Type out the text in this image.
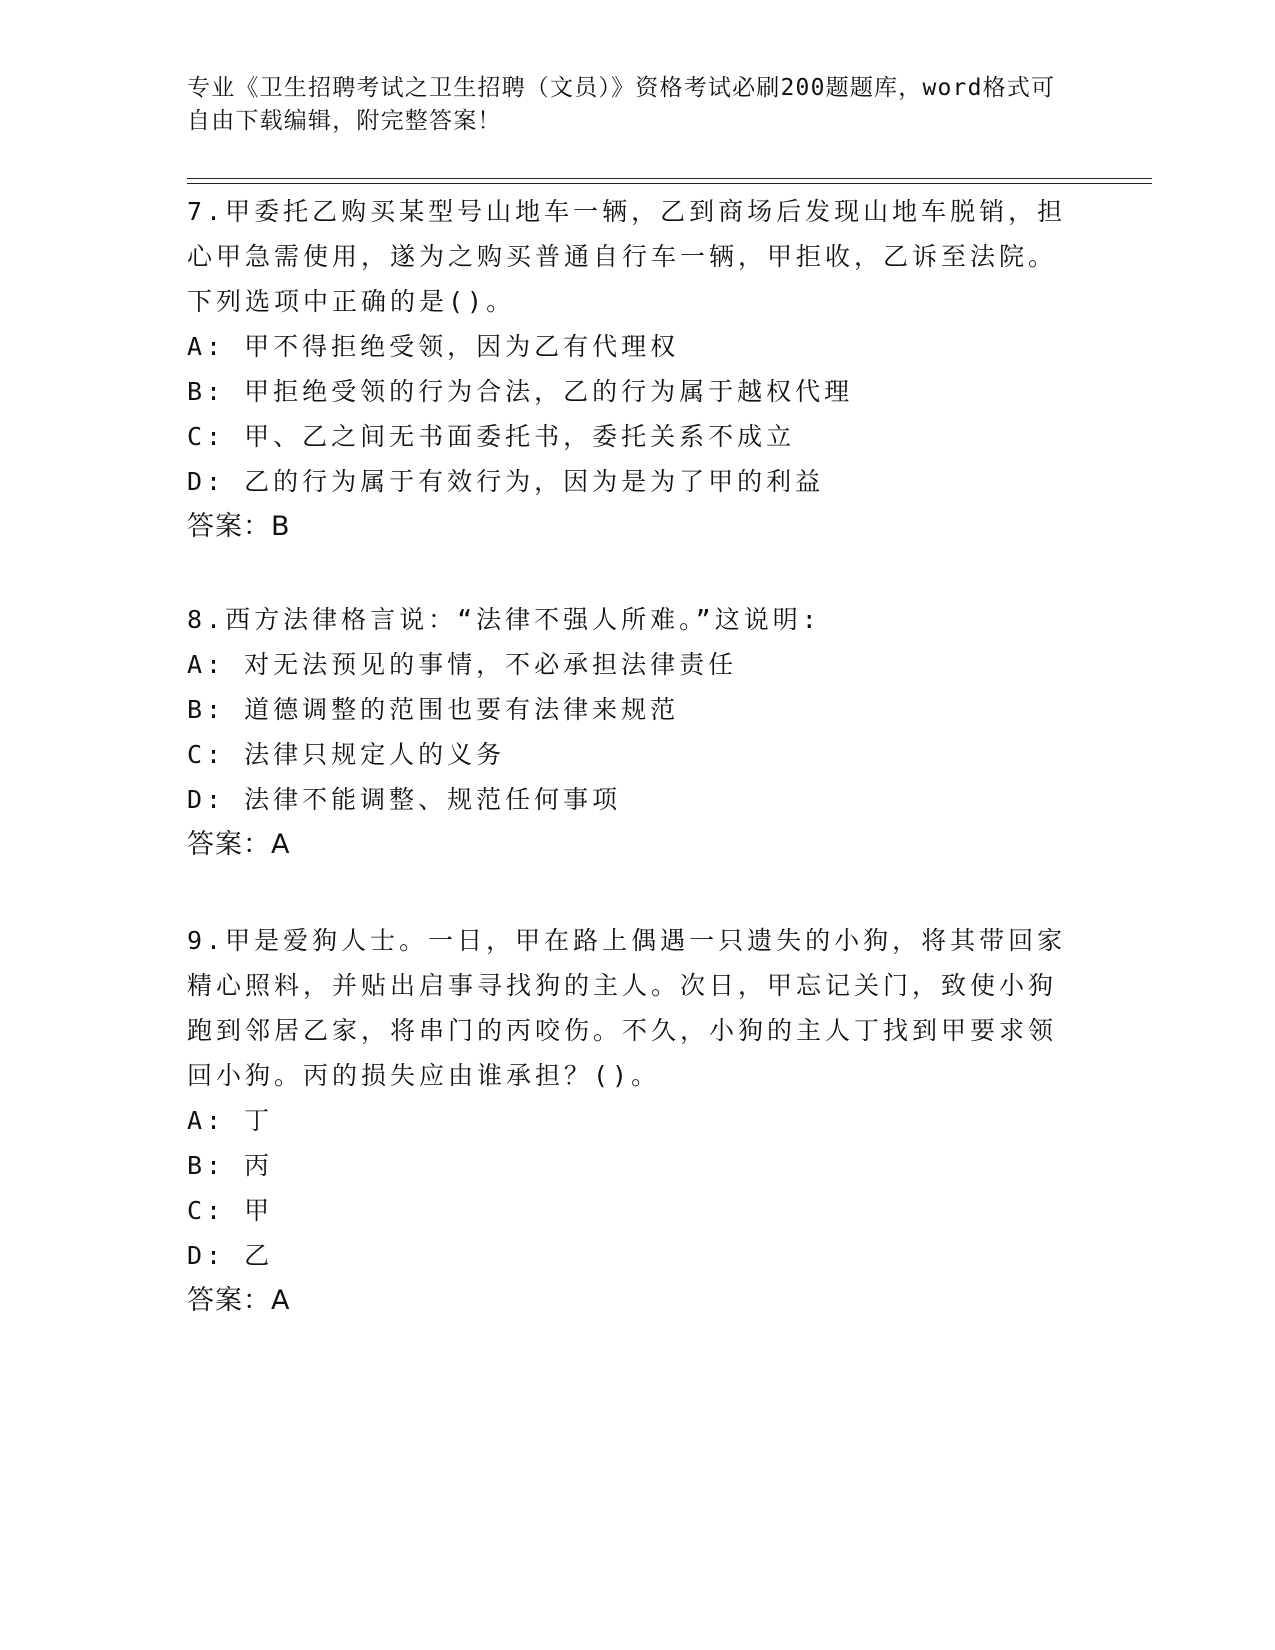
专业《卫生招聘考试之卫生招聘（文员）》资格考试必刷200题题库，word格式可自由下载编辑，附完整答案！

7.甲委托乙购买某型号山地车一辆，乙到商场后发现山地车脱销，担心甲急需使用，遂为之购买普通自行车一辆，甲拒收，乙诉至法院。下列选项中正确的是()。

A: 甲不得拒绝受领，因为乙有代理权

B: 甲拒绝受领的行为合法，乙的行为属于越权代理

C: 甲、乙之间无书面委托书，委托关系不成立

D: 乙的行为属于有效行为，因为是为了甲的利益

答案：B

8.西方法律格言说：“法律不强人所难。”这说明:

A: 对无法预见的事情，不必承担法律责任

B: 道德调整的范围也要有法律来规范

C: 法律只规定人的义务

D: 法律不能调整、规范任何事项

答案：A

9.甲是爱狗人士。一日，甲在路上偶遇一只遗失的小狗，将其带回家精心照料，并贴出启事寻找狗的主人。次日，甲忘记关门，致使小狗跑到邻居乙家，将串门的丙咬伤。不久，小狗的主人丁找到甲要求领回小狗。丙的损失应由谁承担？()。

A: 丁

B: 丙

C: 甲

D: 乙

答案：A
